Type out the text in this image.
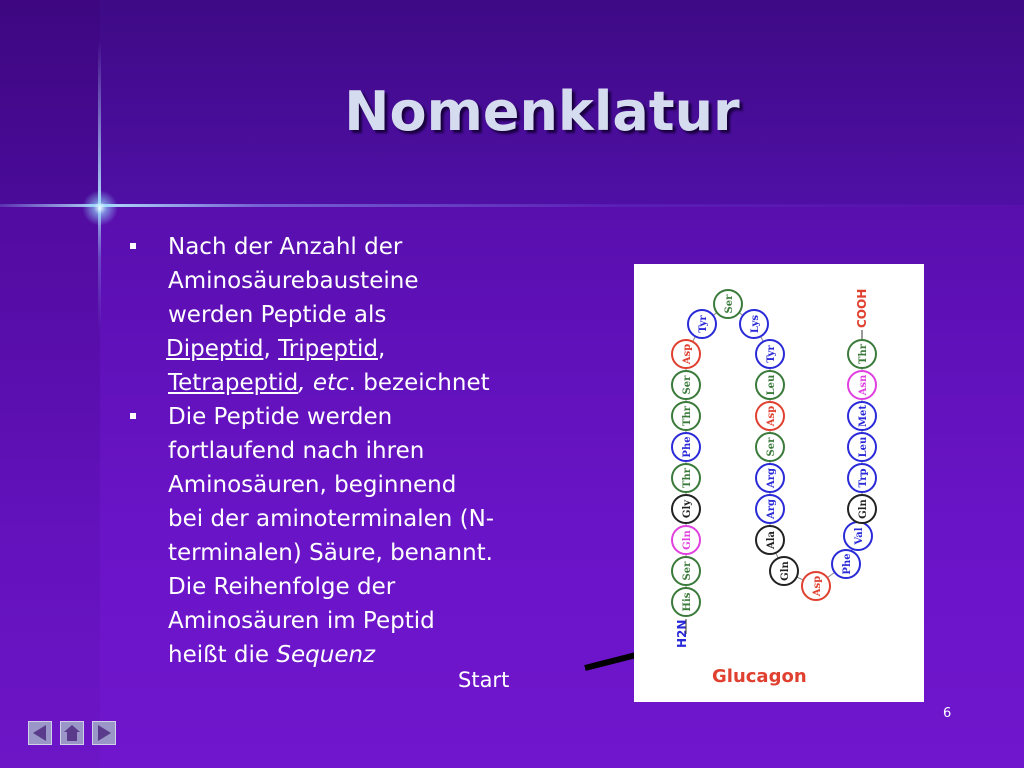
Nomenklatur
Nach der Anzahl der
Aminosäurebausteine
werden Peptide als
Dipeptid, Tripeptid,
Tetrapeptid, etc. bezeichnet
Die Peptide werden
fortlaufend nach ihren
Aminosäuren, beginnend
bei der aminoterminalen (N-
terminalen) Säure, benannt.
Die Reihenfolge der
Aminosäuren im Peptid
heißt die Sequenz
Start
H2N
COOH
His
Ser
Gln
Gly
Thr
Phe
Thr
Ser
Asp
Tyr
Ser
Lys
Tyr
Leu
Asp
Ser
Arg
Arg
Ala
Gln
Asp
Phe
Val
Gln
Trp
Leu
Met
Asn
Thr
Glucagon
6
